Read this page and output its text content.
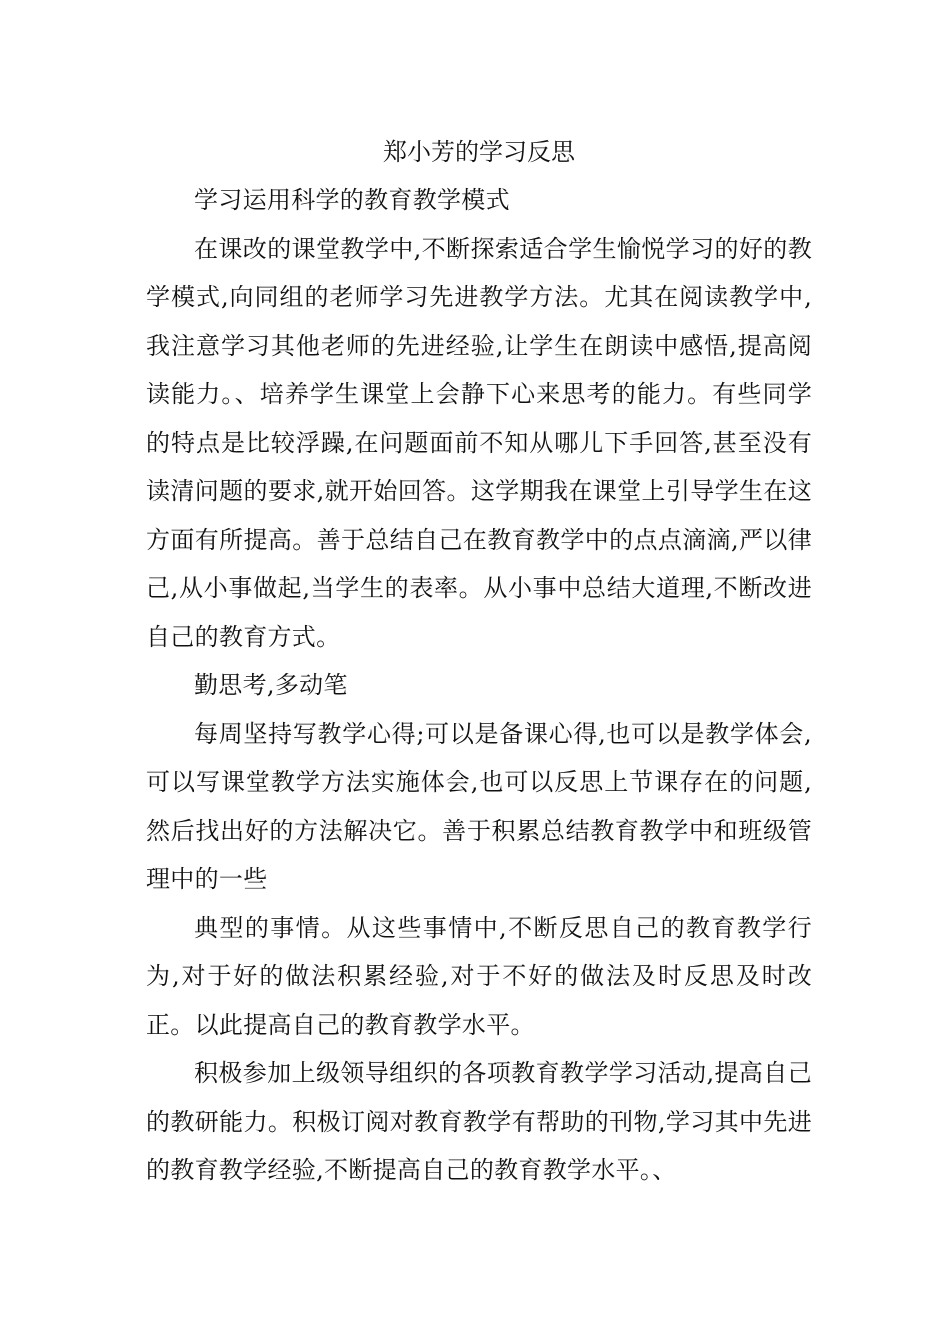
郑小芳的学习反思

学习运用科学的教育教学模式

在课改的课堂教学中,不断探索适合学生愉悦学习的好的教学模式,向同组的老师学习先进教学方法。尤其在阅读教学中,我注意学习其他老师的先进经验,让学生在朗读中感悟,提高阅读能力。、培养学生课堂上会静下心来思考的能力。有些同学的特点是比较浮躁,在问题面前不知从哪儿下手回答,甚至没有读清问题的要求,就开始回答。这学期我在课堂上引导学生在这方面有所提高。善于总结自己在教育教学中的点点滴滴,严以律己,从小事做起,当学生的表率。从小事中总结大道理,不断改进自己的教育方式。

勤思考,多动笔

每周坚持写教学心得;可以是备课心得,也可以是教学体会,可以写课堂教学方法实施体会,也可以反思上节课存在的问题,然后找出好的方法解决它。善于积累总结教育教学中和班级管理中的一些

典型的事情。从这些事情中,不断反思自己的教育教学行为,对于好的做法积累经验,对于不好的做法及时反思及时改正。以此提高自己的教育教学水平。

积极参加上级领导组织的各项教育教学学习活动,提高自己的教研能力。积极订阅对教育教学有帮助的刊物,学习其中先进的教育教学经验,不断提高自己的教育教学水平。、
